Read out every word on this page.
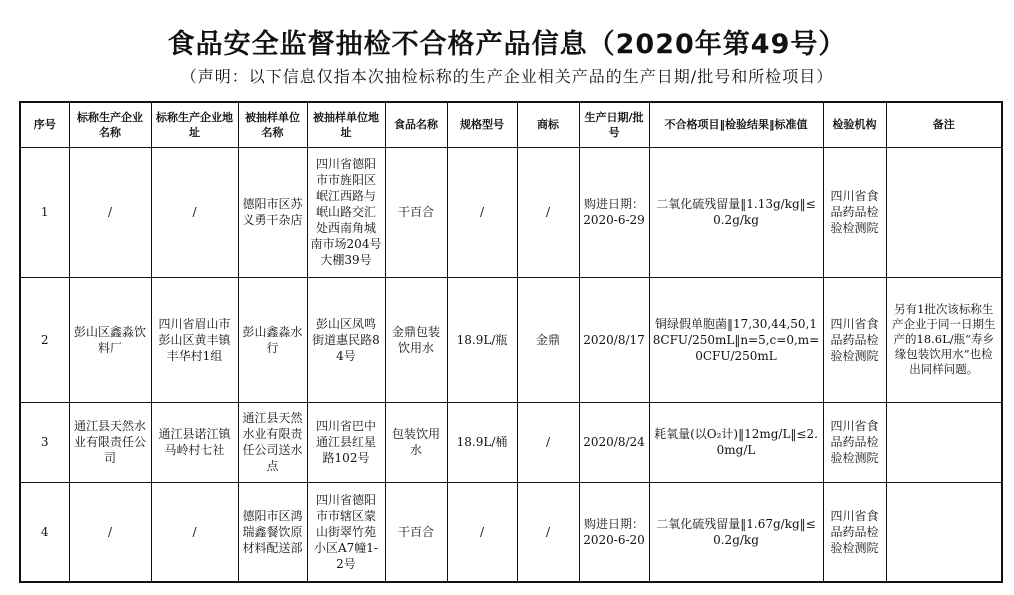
食品安全监督抽检不合格产品信息（2020年第49号）
（声明：以下信息仅指本次抽检标称的生产企业相关产品的生产日期/批号和所检项目）
序号	标称生产企业名称	标称生产企业地址	被抽样单位名称	被抽样单位地址	食品名称	规格型号	商标	生产日期/批号	不合格项目‖检验结果‖标准值	检验机构	备注
1	/	/	德阳市区苏义勇干杂店	四川省德阳市市旌阳区岷江西路与岷山路交汇处西南角城南市场204号大棚39号	干百合	/	/	购进日期：2020-6-29	二氧化硫残留量‖1.13g/kg‖≤0.2g/kg	四川省食品药品检验检测院	
2	彭山区鑫淼饮料厂	四川省眉山市彭山区黄丰镇丰华村1组	彭山鑫淼水行	彭山区凤鸣街道惠民路84号	金鼎包装饮用水	18.9L/瓶	金鼎	2020/8/17	铜绿假单胞菌‖17,30,44,50,18CFU/250mL‖n=5,c=0,m=0CFU/250mL	四川省食品药品检验检测院	另有1批次该标称生产企业于同一日期生产的18.6L/瓶“寿乡缘包装饮用水”也检出同样问题。
3	通江县天然水业有限责任公司	通江县诺江镇马岭村七社	通江县天然水业有限责任公司送水点	四川省巴中通江县红星路102号	包装饮用水	18.9L/桶	/	2020/8/24	耗氧量(以O₂计)‖12mg/L‖≤2.0mg/L	四川省食品药品检验检测院	
4	/	/	德阳市区鸿瑞鑫餐饮原材料配送部	四川省德阳市市辖区蒙山街翠竹苑小区A7幢1-2号	干百合	/	/	购进日期：2020-6-20	二氧化硫残留量‖1.67g/kg‖≤0.2g/kg	四川省食品药品检验检测院	
